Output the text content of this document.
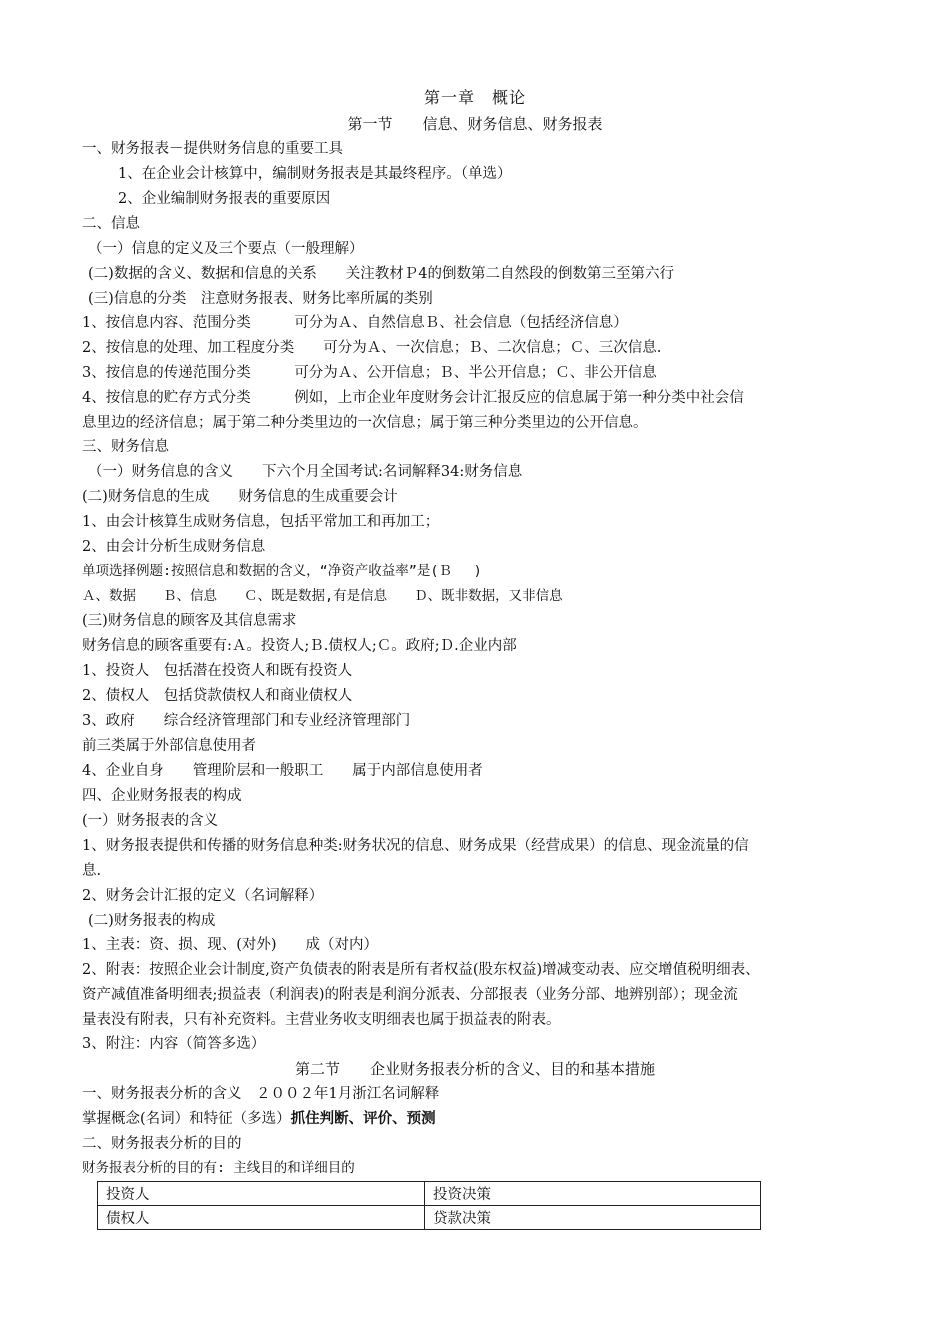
第一章　概论
第一节　　信息、财务信息、财务报表
一、财务报表－提供财务信息的重要工具
1、在企业会计核算中，编制财务报表是其最终程序。（单选）
2、企业编制财务报表的重要原因
二、信息
（一）信息的定义及三个要点（一般理解）
(二)数据的含义、数据和信息的关系　　关注教材Ｐ4的倒数第二自然段的倒数第三至第六行
(三)信息的分类　注意财务报表、财务比率所属的类别
1、按信息内容、范围分类　　　可分为Ａ、自然信息Ｂ、社会信息（包括经济信息）
2、按信息的处理、加工程度分类　　可分为Ａ、一次信息；Ｂ、二次信息；Ｃ、三次信息.
3、按信息的传递范围分类　　　可分为Ａ、公开信息；Ｂ、半公开信息；Ｃ、非公开信息
4、按信息的贮存方式分类　　　例如，上市企业年度财务会计汇报反应的信息属于第一种分类中社会信
息里边的经济信息；属于第二种分类里边的一次信息；属于第三种分类里边的公开信息。
三、财务信息
（一）财务信息的含义　　下六个月全国考试:名词解释34:财务信息
(二)财务信息的生成　　财务信息的生成重要会计
1、由会计核算生成财务信息，包括平常加工和再加工；
2、由会计分析生成财务信息
单项选择例题:按照信息和数据的含义，“净资产收益率”是(Ｂ　 )
Ａ、数据　　Ｂ、信息　　Ｃ、既是数据,有是信息　　Ｄ、既非数据，又非信息
(三)财务信息的顾客及其信息需求
财务信息的顾客重要有:Ａ。投资人;Ｂ.债权人;Ｃ。政府;Ｄ.企业内部
1、投资人　包括潜在投资人和既有投资人
2、债权人　包括贷款债权人和商业债权人
3、政府　　综合经济管理部门和专业经济管理部门
前三类属于外部信息使用者
4、企业自身　　管理阶层和一般职工　　属于内部信息使用者
四、企业财务报表的构成
(一）财务报表的含义
1、财务报表提供和传播的财务信息种类:财务状况的信息、财务成果（经营成果）的信息、现金流量的信
息.
2、财务会计汇报的定义（名词解释）
(二)财务报表的构成
1、主表：资、损、现、(对外)　　成（对内）
2、附表：按照企业会计制度,资产负债表的附表是所有者权益(股东权益)增减变动表、应交增值税明细表、
资产减值准备明细表;损益表（利润表)的附表是利润分派表、分部报表（业务分部、地辨别部）；现金流
量表没有附表，只有补充资料。主营业务收支明细表也属于损益表的附表。
3、附注：内容（简答多选）
第二节　　企业财务报表分析的含义、目的和基本措施
一、财务报表分析的含义　２００２年1月浙江名词解释
掌握概念(名词）和特征（多选）抓住判断、评价、预测
二、财务报表分析的目的
财务报表分析的目的有: 主线目的和详细目的
投资人	投资决策
债权人	贷款决策
